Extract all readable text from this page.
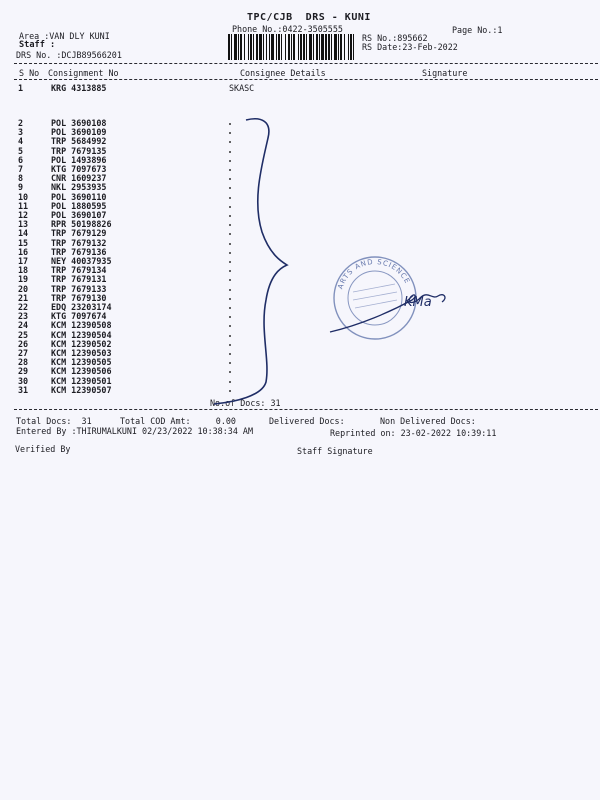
TPC/CJB  DRS - KUNI
Phone No.:0422-3505555	Page No.:1
Area :VAN DLY KUNI
Staff :
DRS No. :DCJB89566201
RS No.:895662
RS Date:23-Feb-2022
S No Consignment No	Consignee Details	Signature
1	KRG 4313885	SKASC
2	POL 3690108
3	POL 3690109
4	TRP 5684992
5	TRP 7679135
6	POL 1493896
7	KTG 7097673
8	CNR 1609237
9	NKL 2953935
10	POL 3690110
11	POL 1880595
12	POL 3690107
13	RPR 50198826
14	TRP 7679129
15	TRP 7679132
16	TRP 7679136
17	NEY 40037935
18	TRP 7679134
19	TRP 7679131
20	TRP 7679133
21	TRP 7679130
22	EDQ 23203174
23	KTG 7097674
24	KCM 12390508
25	KCM 12390504
26	KCM 12390502
27	KCM 12390503
28	KCM 12390505
29	KCM 12390506
30	KCM 12390501
31	KCM 12390507
No.of Docs: 31
Total Docs:  31	Total COD Amt:     0.00	Delivered Docs:	Non Delivered Docs:
Entered By :THIRUMALKUNI 02/23/2022 10:38:34 AM	Reprinted on: 23-02-2022 10:39:11
Verified By	Staff Signature
ARTS AND SCIENCE
KMa
